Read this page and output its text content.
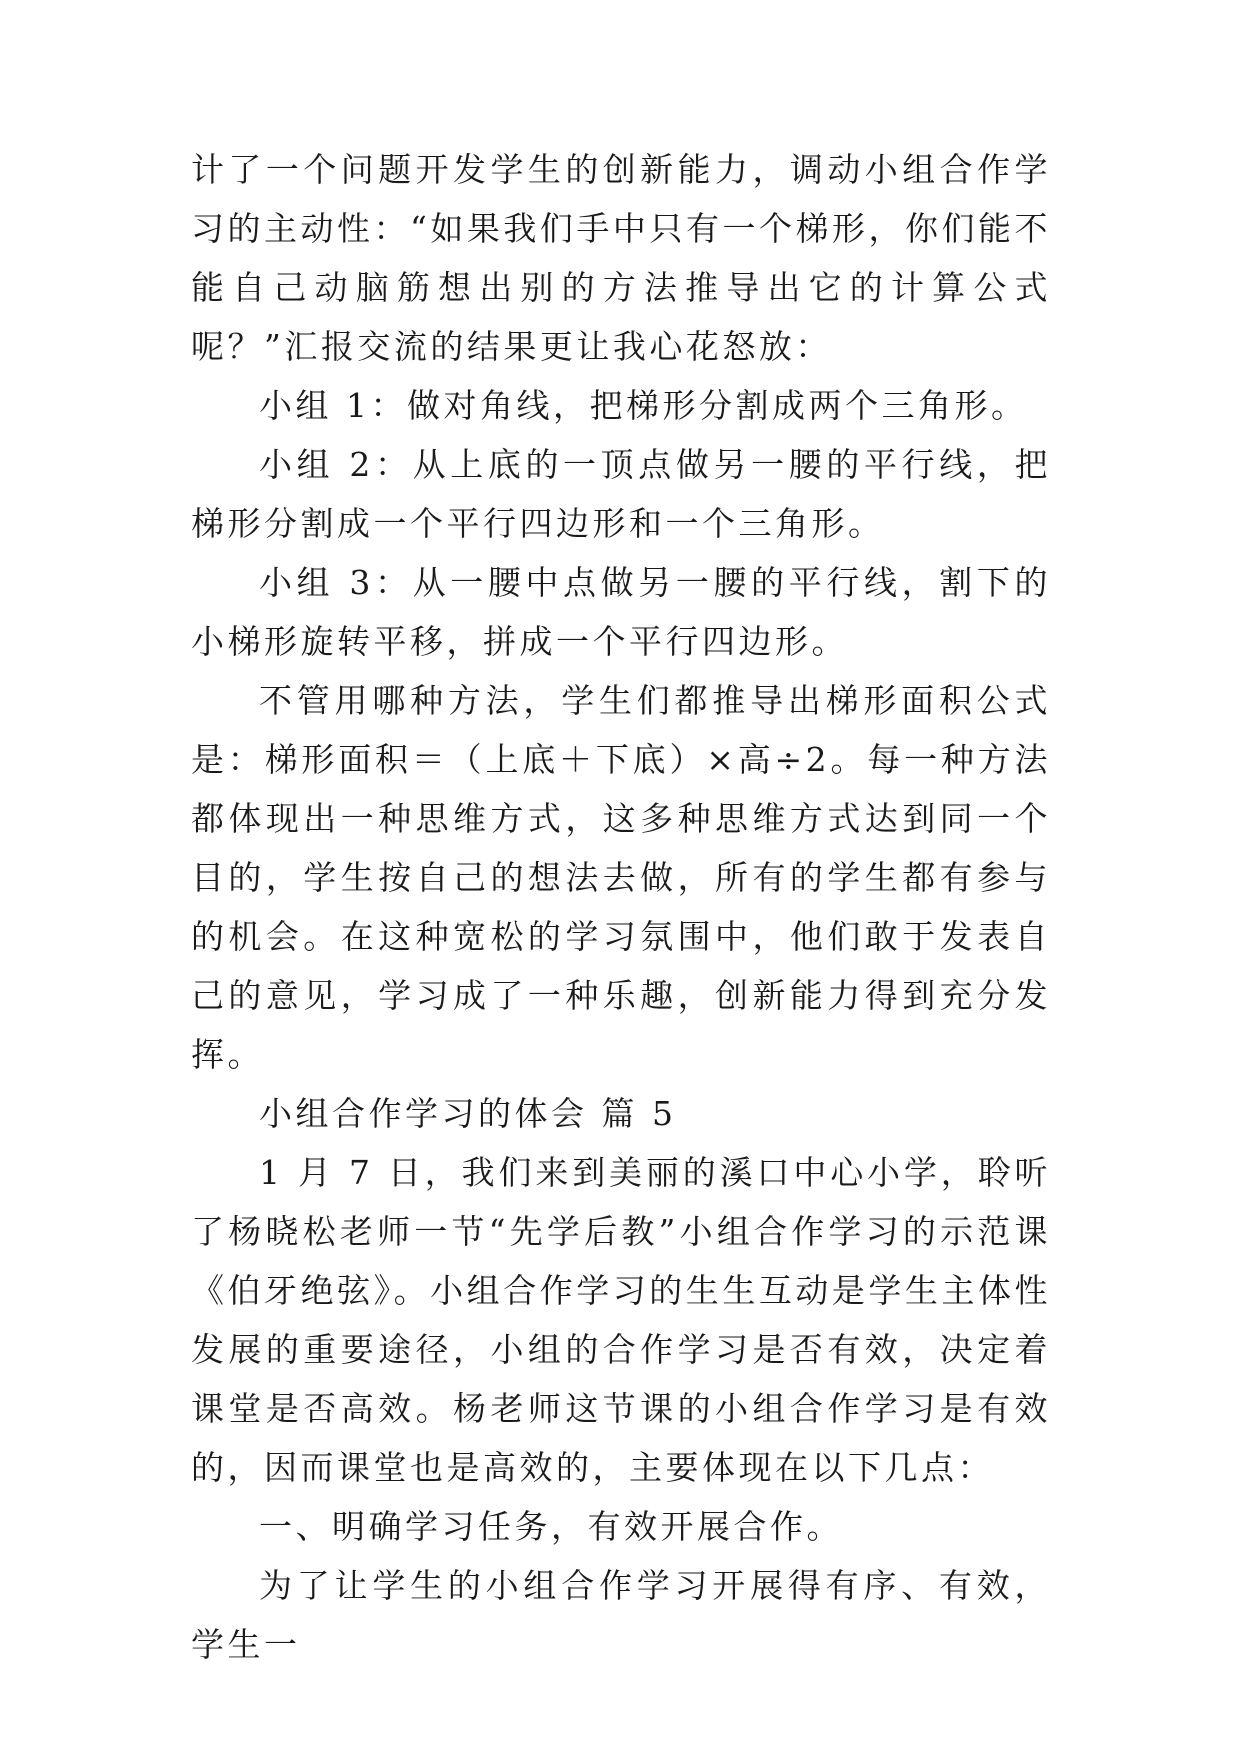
计了一个问题开发学生的创新能力，调动小组合作学习的主动性：“如果我们手中只有一个梯形，你们能不能自己动脑筋想出别的方法推导出它的计算公式呢？”汇报交流的结果更让我心花怒放：

小组 1：做对角线，把梯形分割成两个三角形。

小组 2：从上底的一顶点做另一腰的平行线，把梯形分割成一个平行四边形和一个三角形。

小组 3：从一腰中点做另一腰的平行线，割下的小梯形旋转平移，拼成一个平行四边形。

不管用哪种方法，学生们都推导出梯形面积公式是：梯形面积＝（上底＋下底）×高÷2。每一种方法都体现出一种思维方式，这多种思维方式达到同一个目的，学生按自己的想法去做，所有的学生都有参与的机会。在这种宽松的学习氛围中，他们敢于发表自己的意见，学习成了一种乐趣，创新能力得到充分发挥。

小组合作学习的体会 篇 5

1 月 7 日，我们来到美丽的溪口中心小学，聆听了杨晓松老师一节“先学后教”小组合作学习的示范课《伯牙绝弦》。小组合作学习的生生互动是学生主体性发展的重要途径，小组的合作学习是否有效，决定着课堂是否高效。杨老师这节课的小组合作学习是有效的，因而课堂也是高效的，主要体现在以下几点：

一、明确学习任务，有效开展合作。

为了让学生的小组合作学习开展得有序、有效，学生一
